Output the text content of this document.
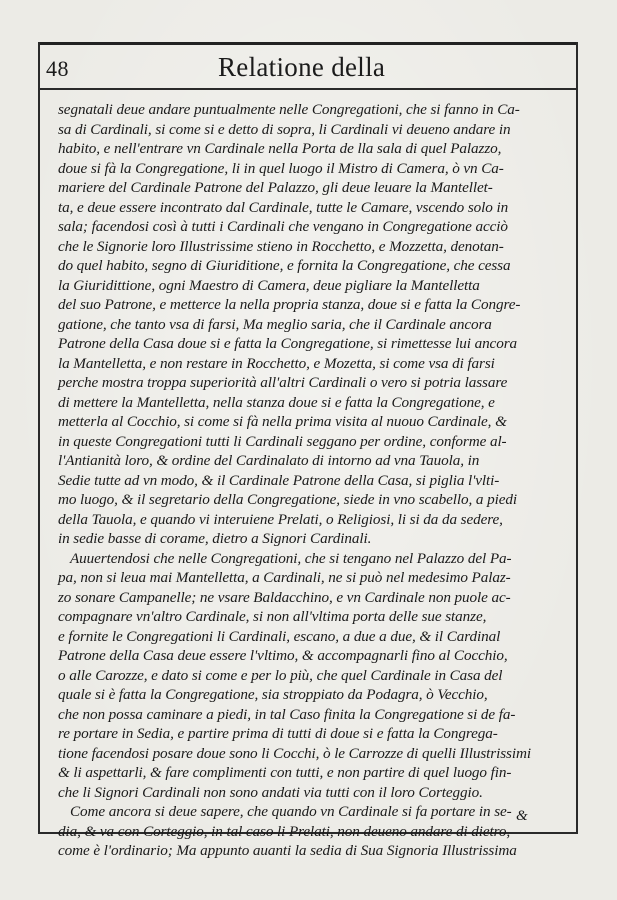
48	Relatione della
segnatali deue andare puntualmente nelle Congregationi, che si fanno in Ca-
sa di Cardinali, si come si e detto di sopra, li Cardinali vi deueno andare in
habito, e nell'entrare vn Cardinale nella Porta de lla sala di quel Palazzo,
doue si fà la Congregatione, li in quel luogo il Mistro di Camera, ò vn Ca-
mariere del Cardinale Patrone del Palazzo, gli deue leuare la Mantellet-
ta, e deue essere incontrato dal Cardinale, tutte le Camare, vscendo solo in
sala; facendosi così à tutti i Cardinali che vengano in Congregatione acciò
che le Signorie loro Illustrissime stieno in Rocchetto, e Mozzetta, denotan-
do quel habito, segno di Giuriditione, e fornita la Congregatione, che cessa
la Giuridittione, ogni Maestro di Camera, deue pigliare la Mantelletta
del suo Patrone, e metterce la nella propria stanza, doue si e fatta la Congre-
gatione, che tanto vsa di farsi, Ma meglio saria, che il Cardinale ancora
Patrone della Casa doue si e fatta la Congregatione, si rimettesse lui ancora
la Mantelletta, e non restare in Rocchetto, e Mozetta, si come vsa di farsi
perche mostra troppa superiorità all'altri Cardinali o vero si potria lassare
di mettere la Mantelletta, nella stanza doue si e fatta la Congregatione, e
metterla al Cocchio, si come si fà nella prima visita al nuouo Cardinale, &
in queste Congregationi tutti li Cardinali seggano per ordine, conforme al-
l'Antianità loro, & ordine del Cardinalato di intorno ad vna Tauola, in
Sedie tutte ad vn modo, & il Cardinale Patrone della Casa, si piglia l'vlti-
mo luogo, & il segretario della Congregatione, siede in vno scabello, a piedi
della Tauola, e quando vi interuiene Prelati, o Religiosi, li si da da sedere,
in sedie basse di corame, dietro a Signori Cardinali.
Auuertendosi che nelle Congregationi, che si tengano nel Palazzo del Pa-
pa, non si leua mai Mantelletta, a Cardinali, ne si può nel medesimo Palaz-
zo sonare Campanelle; ne vsare Baldacchino, e vn Cardinale non puole ac-
compagnare vn'altro Cardinale, si non all'vltima porta delle sue stanze,
e fornite le Congregationi li Cardinali, escano, a due a due, & il Cardinal
Patrone della Casa deue essere l'vltimo, & accompagnarli fino al Cocchio,
o alle Carozze, e dato si come e per lo più, che quel Cardinale in Casa del
quale si è fatta la Congregatione, sia stroppiato da Podagra, ò Vecchio,
che non possa caminare a piedi, in tal Caso finita la Congregatione si de fa-
re portare in Sedia, e partire prima di tutti di doue si e fatta la Congrega-
tione facendosi posare doue sono li Cocchi, ò le Carrozze di quelli Illustrissimi
& li aspettarli, & fare complimenti con tutti, e non partire di quel luogo fin-
che li Signori Cardinali non sono andati via tutti con il loro Corteggio.
Come ancora si deue sapere, che quando vn Cardinale si fa portare in se-
dia, & va con Corteggio, in tal caso li Prelati, non deueno andare di dietro,
come è l'ordinario; Ma appunto auanti la sedia di Sua Signoria Illustrissima
&
